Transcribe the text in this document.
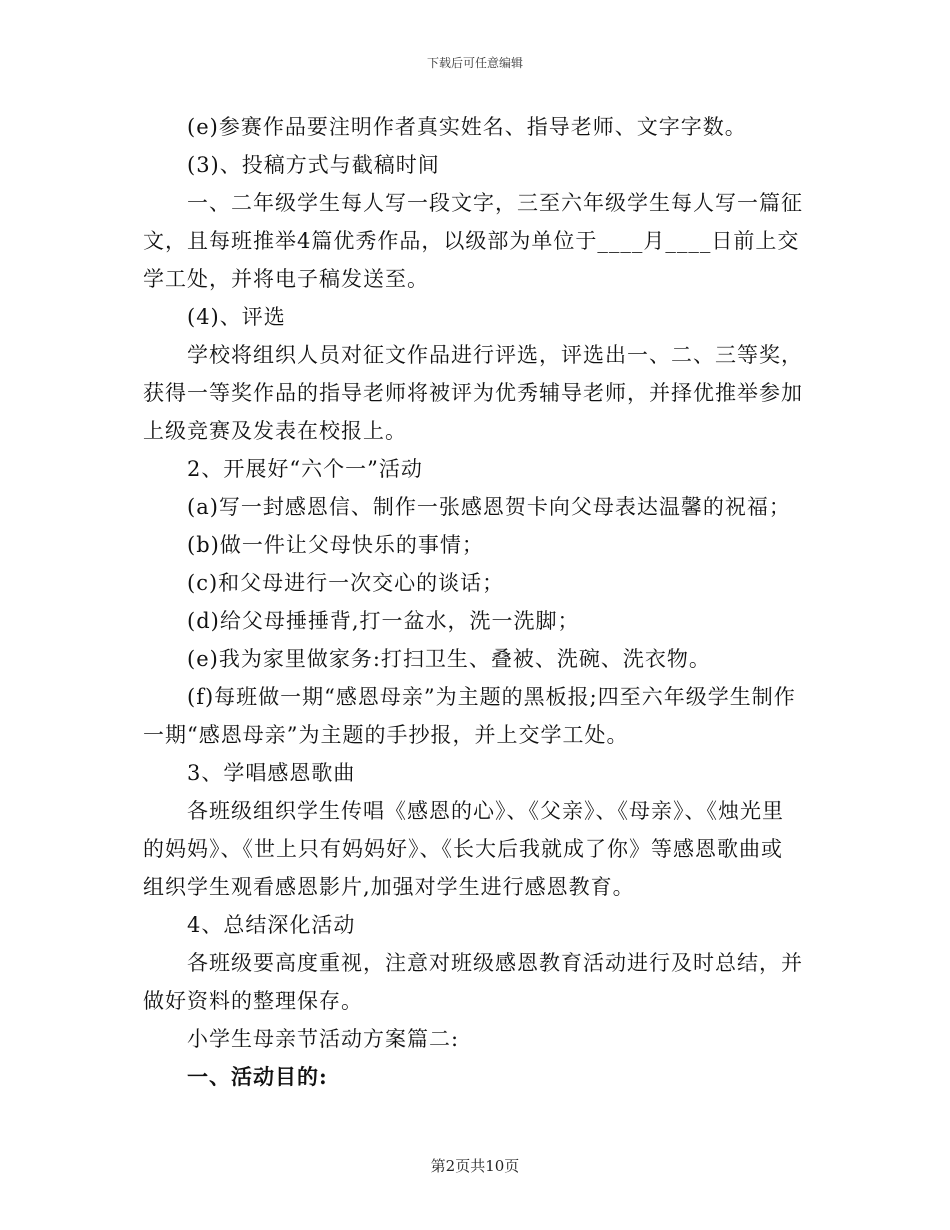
下载后可任意编辑

(e)参赛作品要注明作者真实姓名、指导老师、文字字数。

(3)、投稿方式与截稿时间

一、二年级学生每人写一段文字，三至六年级学生每人写一篇征文，且每班推举4篇优秀作品，以级部为单位于____月____日前上交学工处，并将电子稿发送至。

(4)、评选

学校将组织人员对征文作品进行评选，评选出一、二、三等奖，获得一等奖作品的指导老师将被评为优秀辅导老师，并择优推举参加上级竞赛及发表在校报上。

2、开展好“六个一”活动

(a)写一封感恩信、制作一张感恩贺卡向父母表达温馨的祝福；

(b)做一件让父母快乐的事情；

(c)和父母进行一次交心的谈话；

(d)给父母捶捶背,打一盆水，洗一洗脚；

(e)我为家里做家务:打扫卫生、叠被、洗碗、洗衣物。

(f)每班做一期“感恩母亲”为主题的黑板报;四至六年级学生制作一期“感恩母亲”为主题的手抄报，并上交学工处。

3、学唱感恩歌曲

各班级组织学生传唱《感恩的心》、《父亲》、《母亲》、《烛光里的妈妈》、《世上只有妈妈好》、《长大后我就成了你》等感恩歌曲或组织学生观看感恩影片,加强对学生进行感恩教育。

4、总结深化活动

各班级要高度重视，注意对班级感恩教育活动进行及时总结，并做好资料的整理保存。

小学生母亲节活动方案篇二:

一、活动目的:

第2页共10页
